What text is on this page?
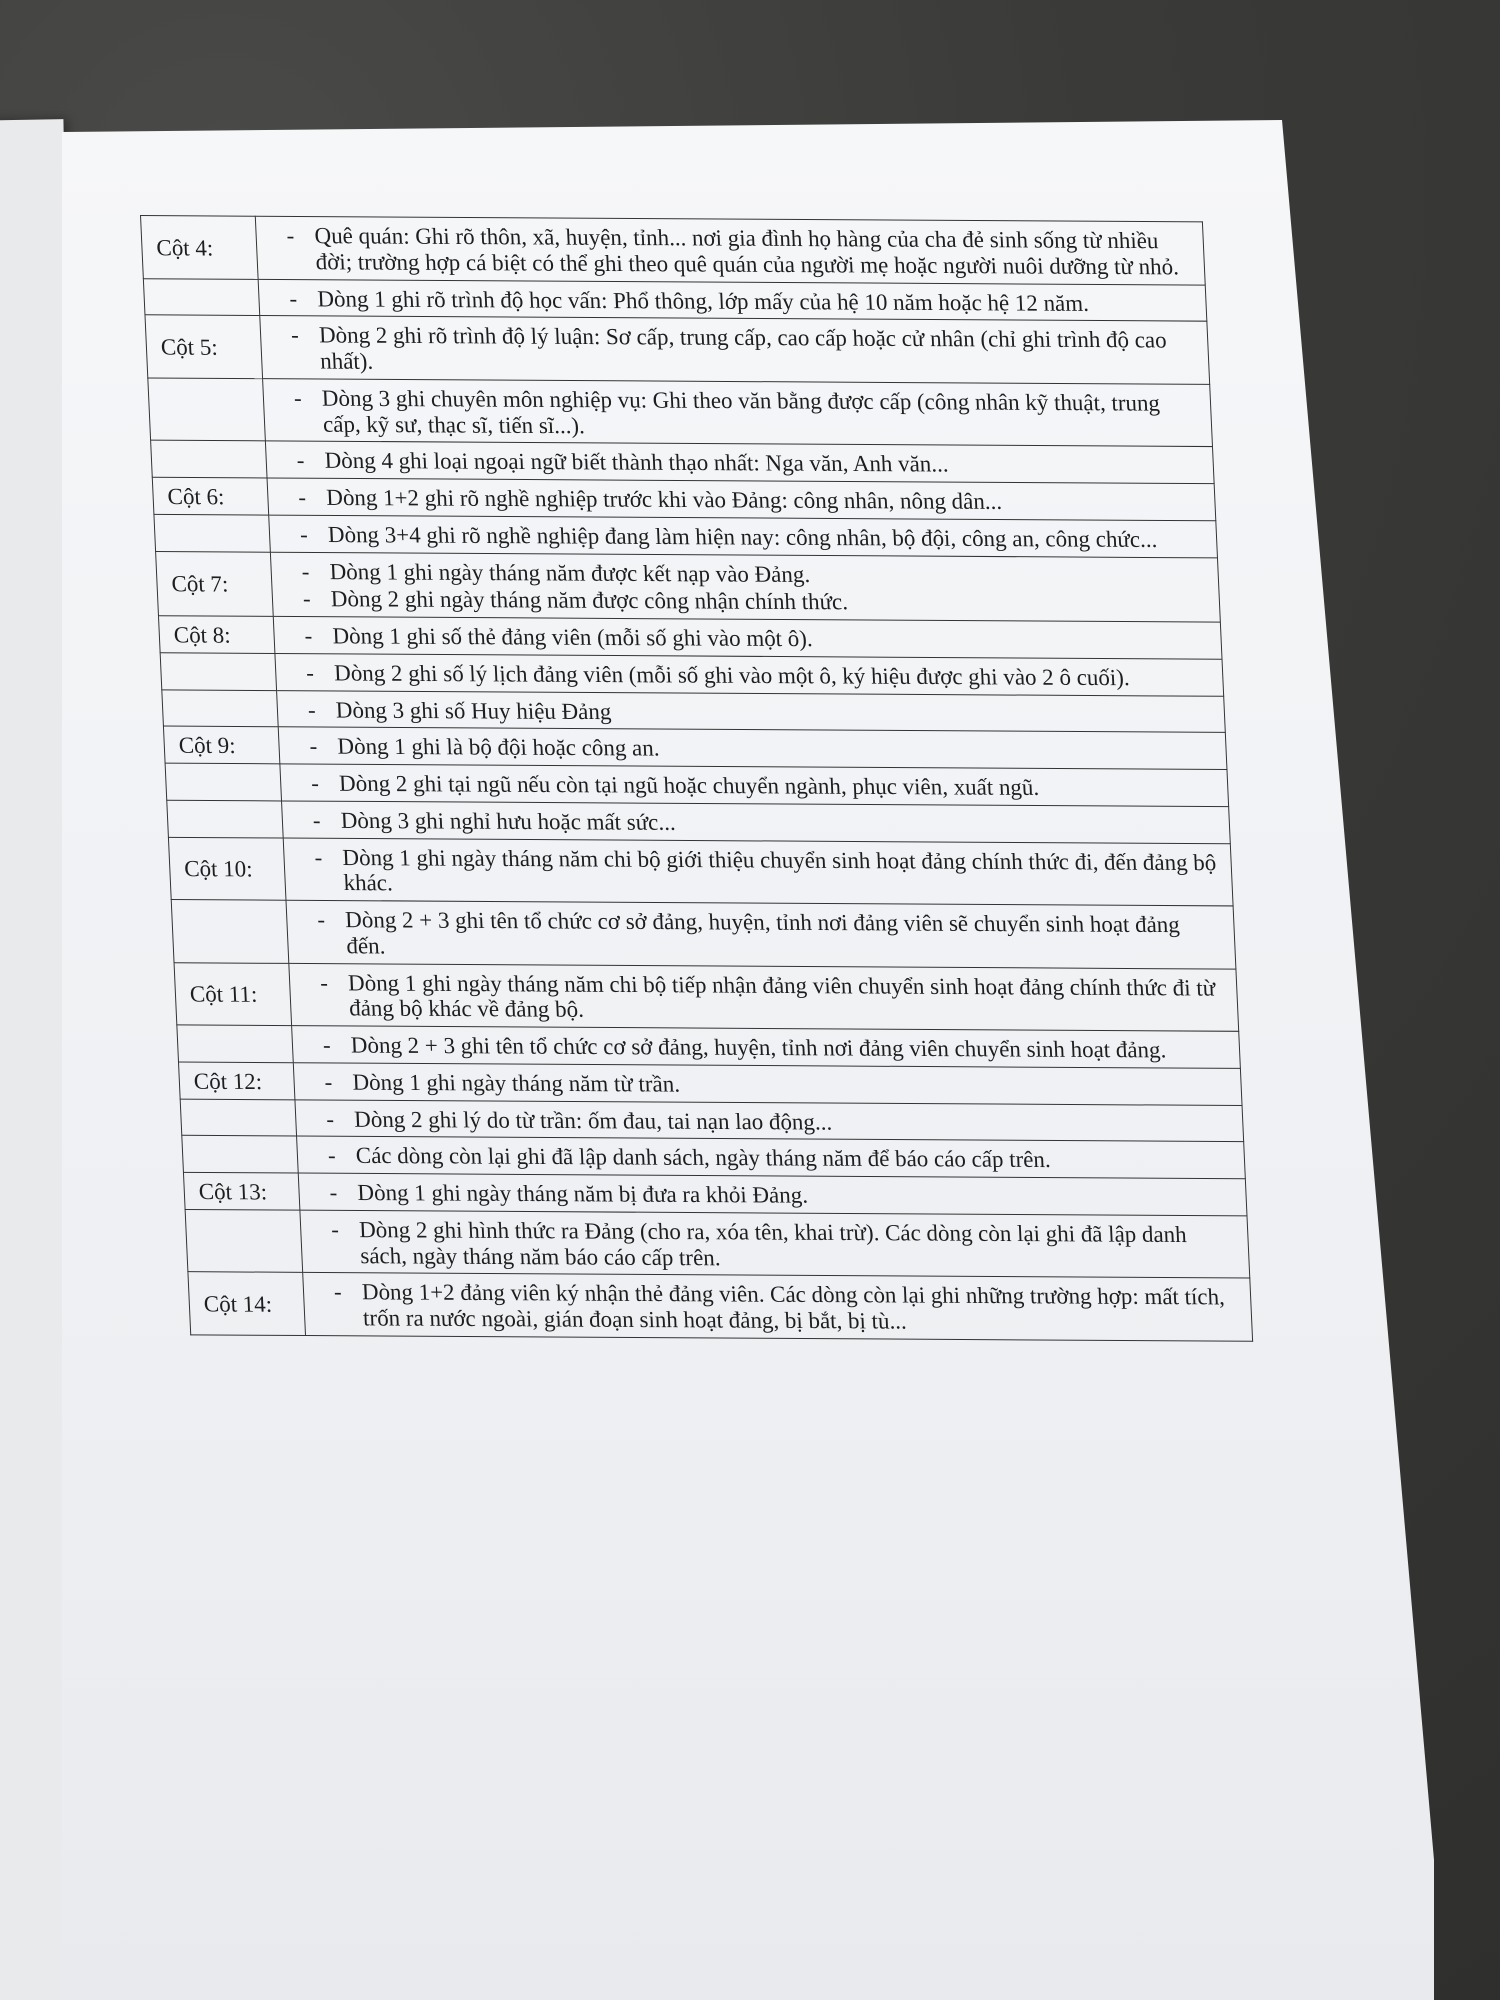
Cột 4:	- Quê quán: Ghi rõ thôn, xã, huyện, tỉnh... nơi gia đình họ hàng của cha đẻ sinh sống từ nhiều đời; trường hợp cá biệt có thể ghi theo quê quán của người mẹ hoặc người nuôi dưỡng từ nhỏ.

	- Dòng 1 ghi rõ trình độ học vấn: Phổ thông, lớp mấy của hệ 10 năm hoặc hệ 12 năm.

Cột 5:	- Dòng 2 ghi rõ trình độ lý luận: Sơ cấp, trung cấp, cao cấp hoặc cử nhân (chỉ ghi trình độ cao nhất).

	- Dòng 3 ghi chuyên môn nghiệp vụ: Ghi theo văn bằng được cấp (công nhân kỹ thuật, trung cấp, kỹ sư, thạc sĩ, tiến sĩ...).

	- Dòng 4 ghi loại ngoại ngữ biết thành thạo nhất: Nga văn, Anh văn...

Cột 6:	- Dòng 1+2 ghi rõ nghề nghiệp trước khi vào Đảng: công nhân, nông dân...

	- Dòng 3+4 ghi rõ nghề nghiệp đang làm hiện nay: công nhân, bộ đội, công an, công chức...

Cột 7:	- Dòng 1 ghi ngày tháng năm được kết nạp vào Đảng.
- Dòng 2 ghi ngày tháng năm được công nhận chính thức.

Cột 8:	- Dòng 1 ghi số thẻ đảng viên (mỗi số ghi vào một ô).

	- Dòng 2 ghi số lý lịch đảng viên (mỗi số ghi vào một ô, ký hiệu được ghi vào 2 ô cuối).

	- Dòng 3 ghi số Huy hiệu Đảng

Cột 9:	- Dòng 1 ghi là bộ đội hoặc công an.

	- Dòng 2 ghi tại ngũ nếu còn tại ngũ hoặc chuyển ngành, phục viên, xuất ngũ.

	- Dòng 3 ghi nghỉ hưu hoặc mất sức...

Cột 10:	- Dòng 1 ghi ngày tháng năm chi bộ giới thiệu chuyển sinh hoạt đảng chính thức đi, đến đảng bộ khác.

	- Dòng 2 + 3 ghi tên tổ chức cơ sở đảng, huyện, tỉnh nơi đảng viên sẽ chuyển sinh hoạt đảng đến.

Cột 11:	- Dòng 1 ghi ngày tháng năm chi bộ tiếp nhận đảng viên chuyển sinh hoạt đảng chính thức đi từ đảng bộ khác về đảng bộ.

	- Dòng 2 + 3 ghi tên tổ chức cơ sở đảng, huyện, tỉnh nơi đảng viên chuyển sinh hoạt đảng.

Cột 12:	- Dòng 1 ghi ngày tháng năm từ trần.

	- Dòng 2 ghi lý do từ trần: ốm đau, tai nạn lao động...

	- Các dòng còn lại ghi đã lập danh sách, ngày tháng năm để báo cáo cấp trên.

Cột 13:	- Dòng 1 ghi ngày tháng năm bị đưa ra khỏi Đảng.

	- Dòng 2 ghi hình thức ra Đảng (cho ra, xóa tên, khai trừ). Các dòng còn lại ghi đã lập danh sách, ngày tháng năm báo cáo cấp trên.

Cột 14:	- Dòng 1+2 đảng viên ký nhận thẻ đảng viên. Các dòng còn lại ghi những trường hợp: mất tích, trốn ra nước ngoài, gián đoạn sinh hoạt đảng, bị bắt, bị tù...
